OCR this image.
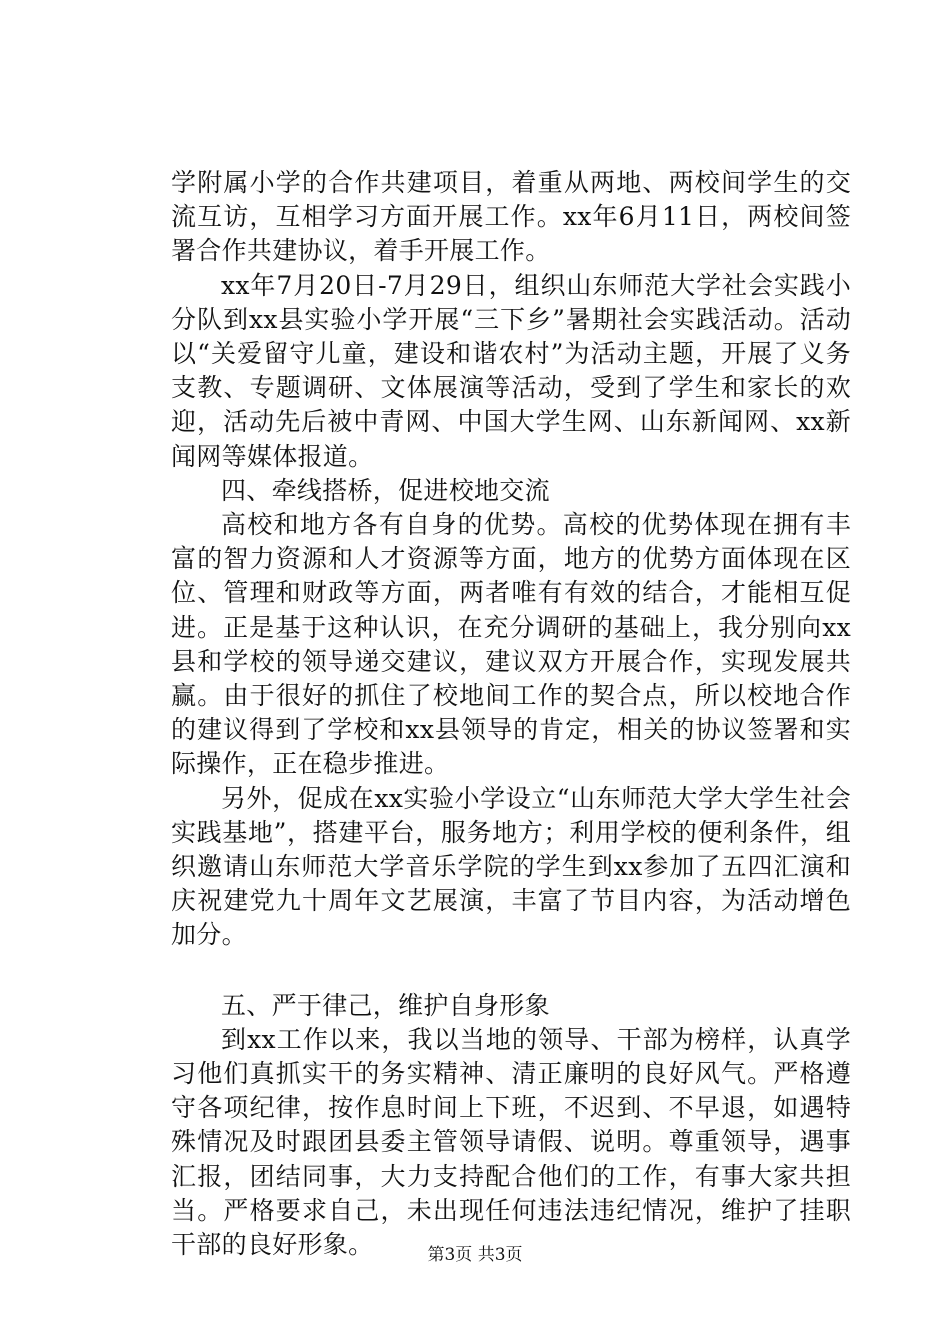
学附属小学的合作共建项目，着重从两地、两校间学生的交流互访，互相学习方面开展工作。xx年6月11日，两校间签署合作共建协议，着手开展工作。

xx年7月20日-7月29日，组织山东师范大学社会实践小分队到xx县实验小学开展“三下乡”暑期社会实践活动。活动以“关爱留守儿童，建设和谐农村”为活动主题，开展了义务支教、专题调研、文体展演等活动，受到了学生和家长的欢迎，活动先后被中青网、中国大学生网、山东新闻网、xx新闻网等媒体报道。

四、牵线搭桥，促进校地交流

高校和地方各有自身的优势。高校的优势体现在拥有丰富的智力资源和人才资源等方面，地方的优势方面体现在区位、管理和财政等方面，两者唯有有效的结合，才能相互促进。正是基于这种认识，在充分调研的基础上，我分别向xx县和学校的领导递交建议，建议双方开展合作，实现发展共赢。由于很好的抓住了校地间工作的契合点，所以校地合作的建议得到了学校和xx县领导的肯定，相关的协议签署和实际操作，正在稳步推进。

另外，促成在xx实验小学设立“山东师范大学大学生社会实践基地”，搭建平台，服务地方；利用学校的便利条件，组织邀请山东师范大学音乐学院的学生到xx参加了五四汇演和庆祝建党九十周年文艺展演，丰富了节目内容，为活动增色加分。

五、严于律己，维护自身形象

到xx工作以来，我以当地的领导、干部为榜样，认真学习他们真抓实干的务实精神、清正廉明的良好风气。严格遵守各项纪律，按作息时间上下班，不迟到、不早退，如遇特殊情况及时跟团县委主管领导请假、说明。尊重领导，遇事汇报，团结同事，大力支持配合他们的工作，有事大家共担当。严格要求自己，未出现任何违法违纪情况，维护了挂职干部的良好形象。	第3页 共3页
